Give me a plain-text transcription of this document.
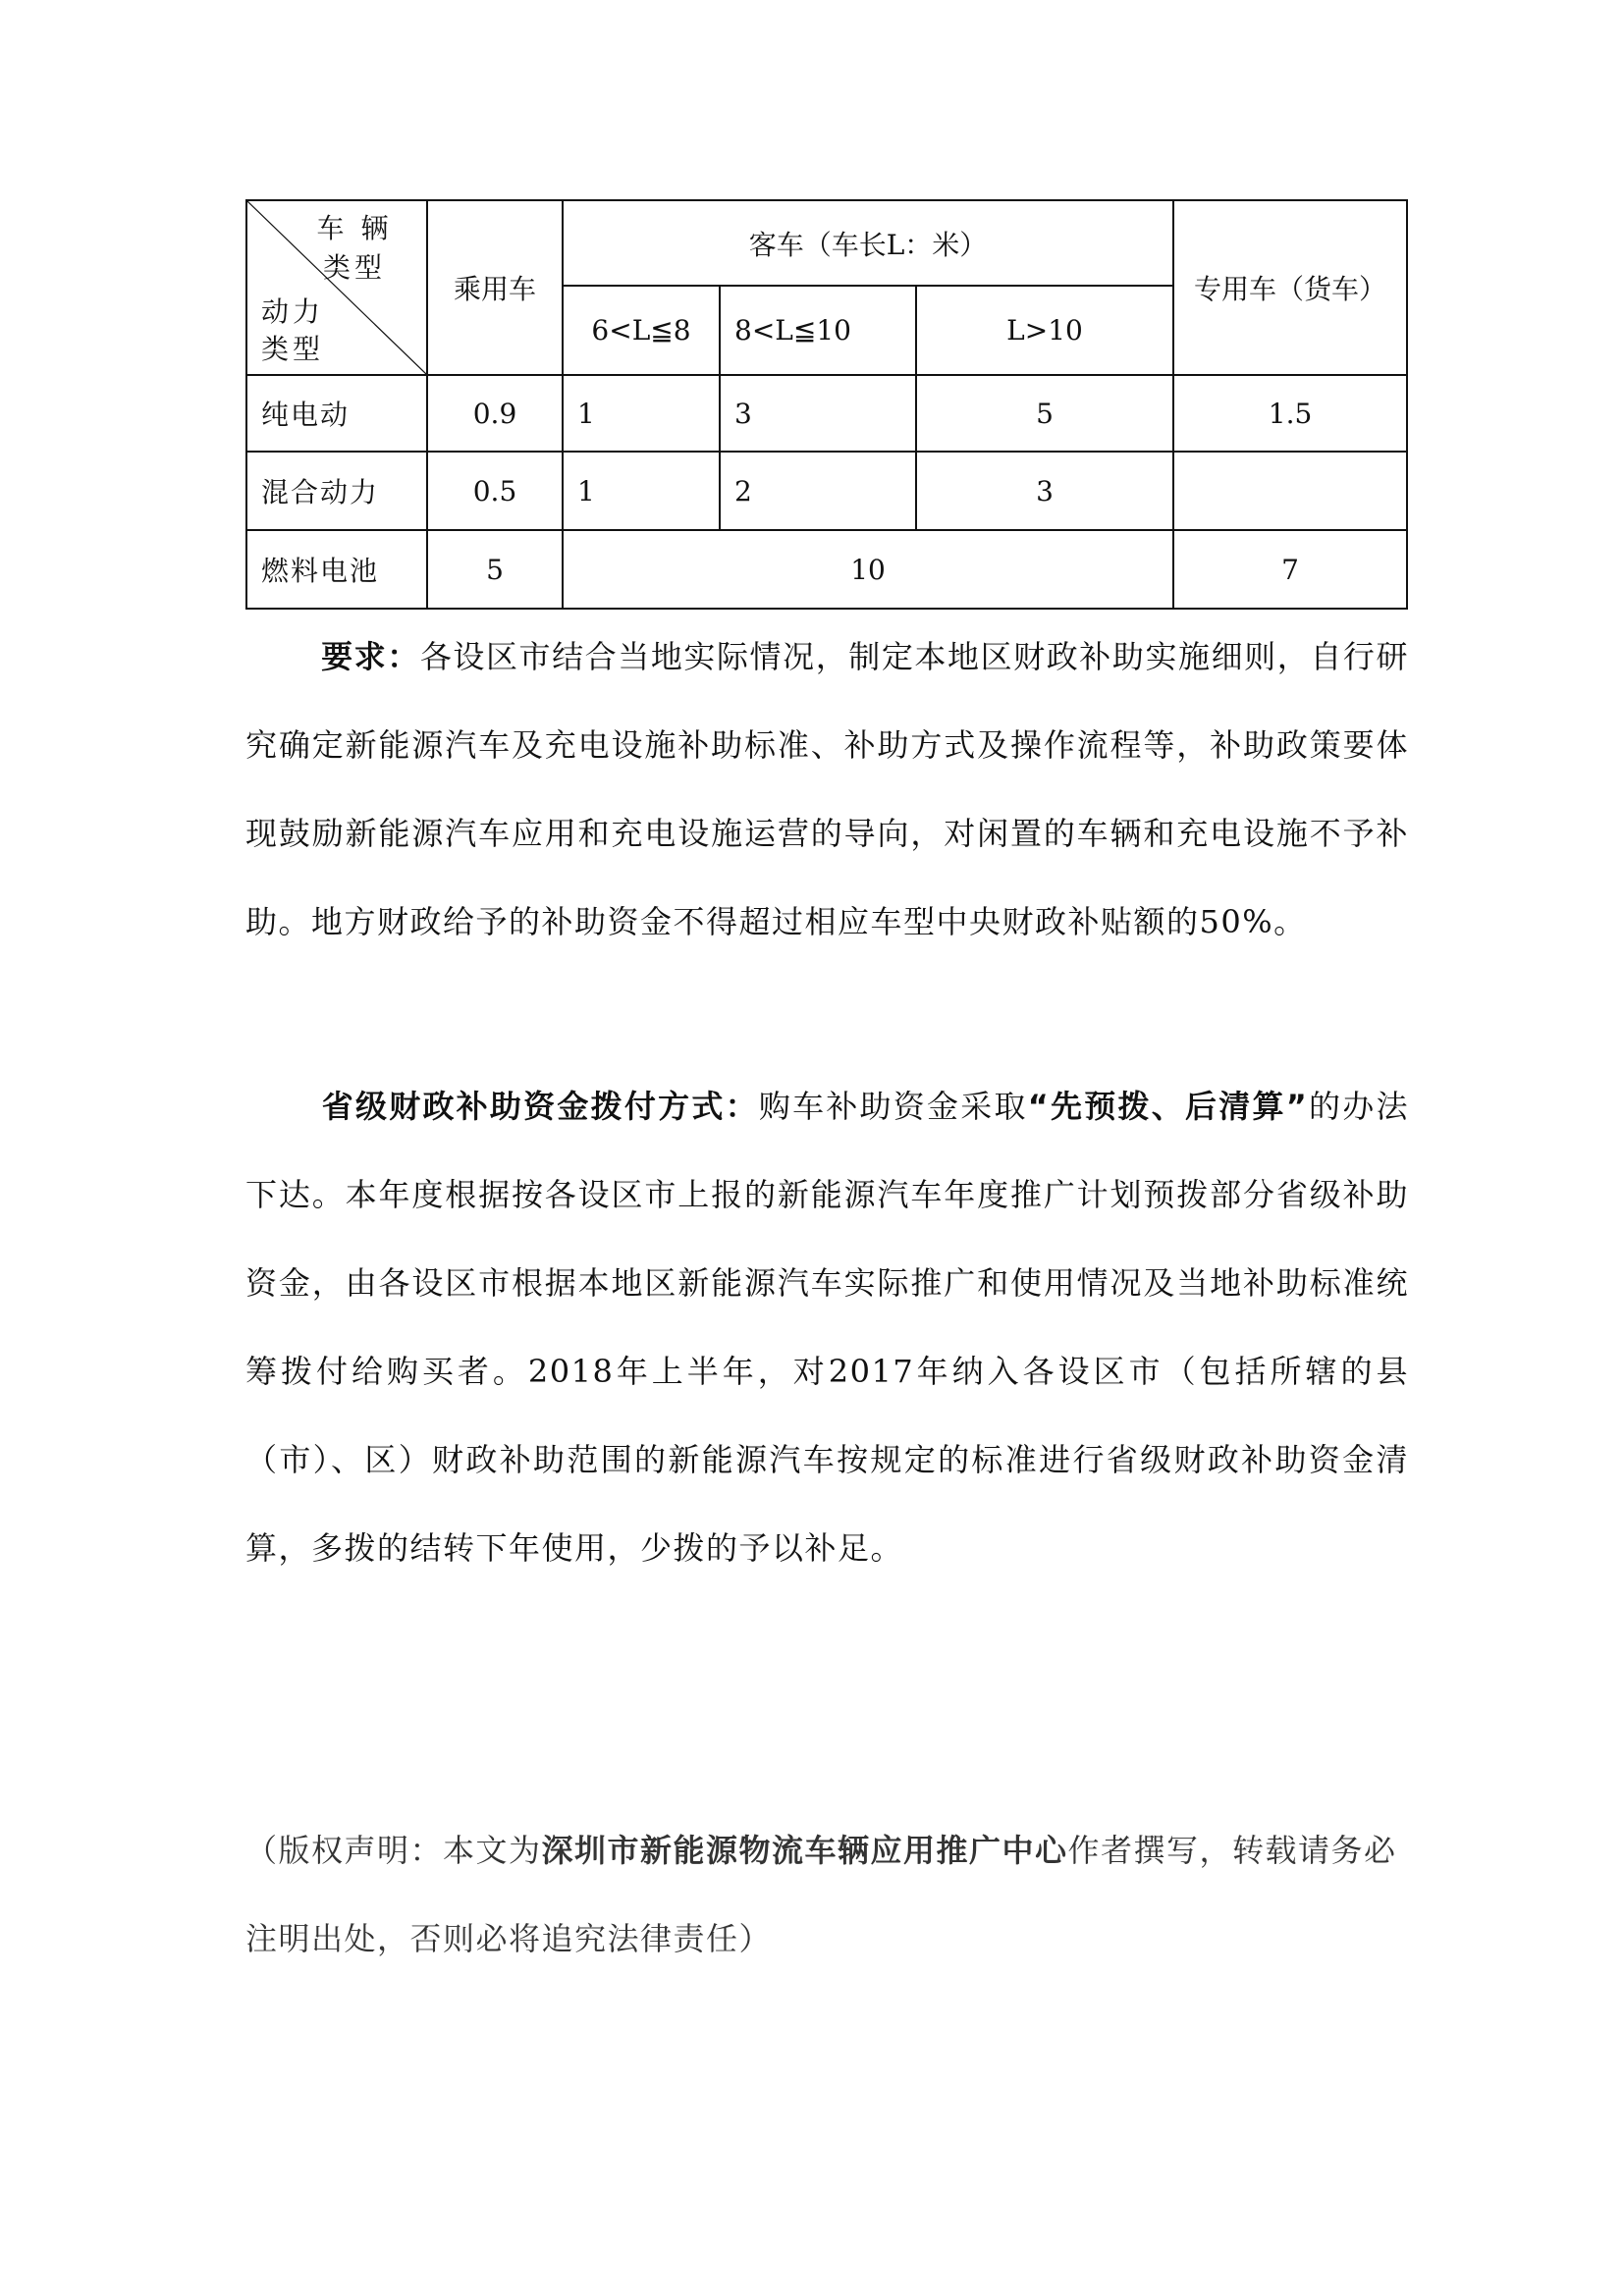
车 辆
类型
动力
类型	乘用车	客车（车长L：米）			专用车（货车）
		6<L≦8	8<L≦10	L>10	
纯电动	0.9	1	3	5	1.5
混合动力	0.5	1	2	3	
燃料电池	5	10			7
要求：各设区市结合当地实际情况，制定本地区财政补助实施细则，自行研究确定新能源汽车及充电设施补助标准、补助方式及操作流程等，补助政策要体现鼓励新能源汽车应用和充电设施运营的导向，对闲置的车辆和充电设施不予补助。地方财政给予的补助资金不得超过相应车型中央财政补贴额的50%。
省级财政补助资金拨付方式：购车补助资金采取“先预拨、后清算”的办法下达。本年度根据按各设区市上报的新能源汽车年度推广计划预拨部分省级补助资金，由各设区市根据本地区新能源汽车实际推广和使用情况及当地补助标准统筹拨付给购买者。2018年上半年，对2017年纳入各设区市（包括所辖的县（市）、区）财政补助范围的新能源汽车按规定的标准进行省级财政补助资金清算，多拨的结转下年使用，少拨的予以补足。
（版权声明：本文为深圳市新能源物流车辆应用推广中心作者撰写，转载请务必注明出处，否则必将追究法律责任）
